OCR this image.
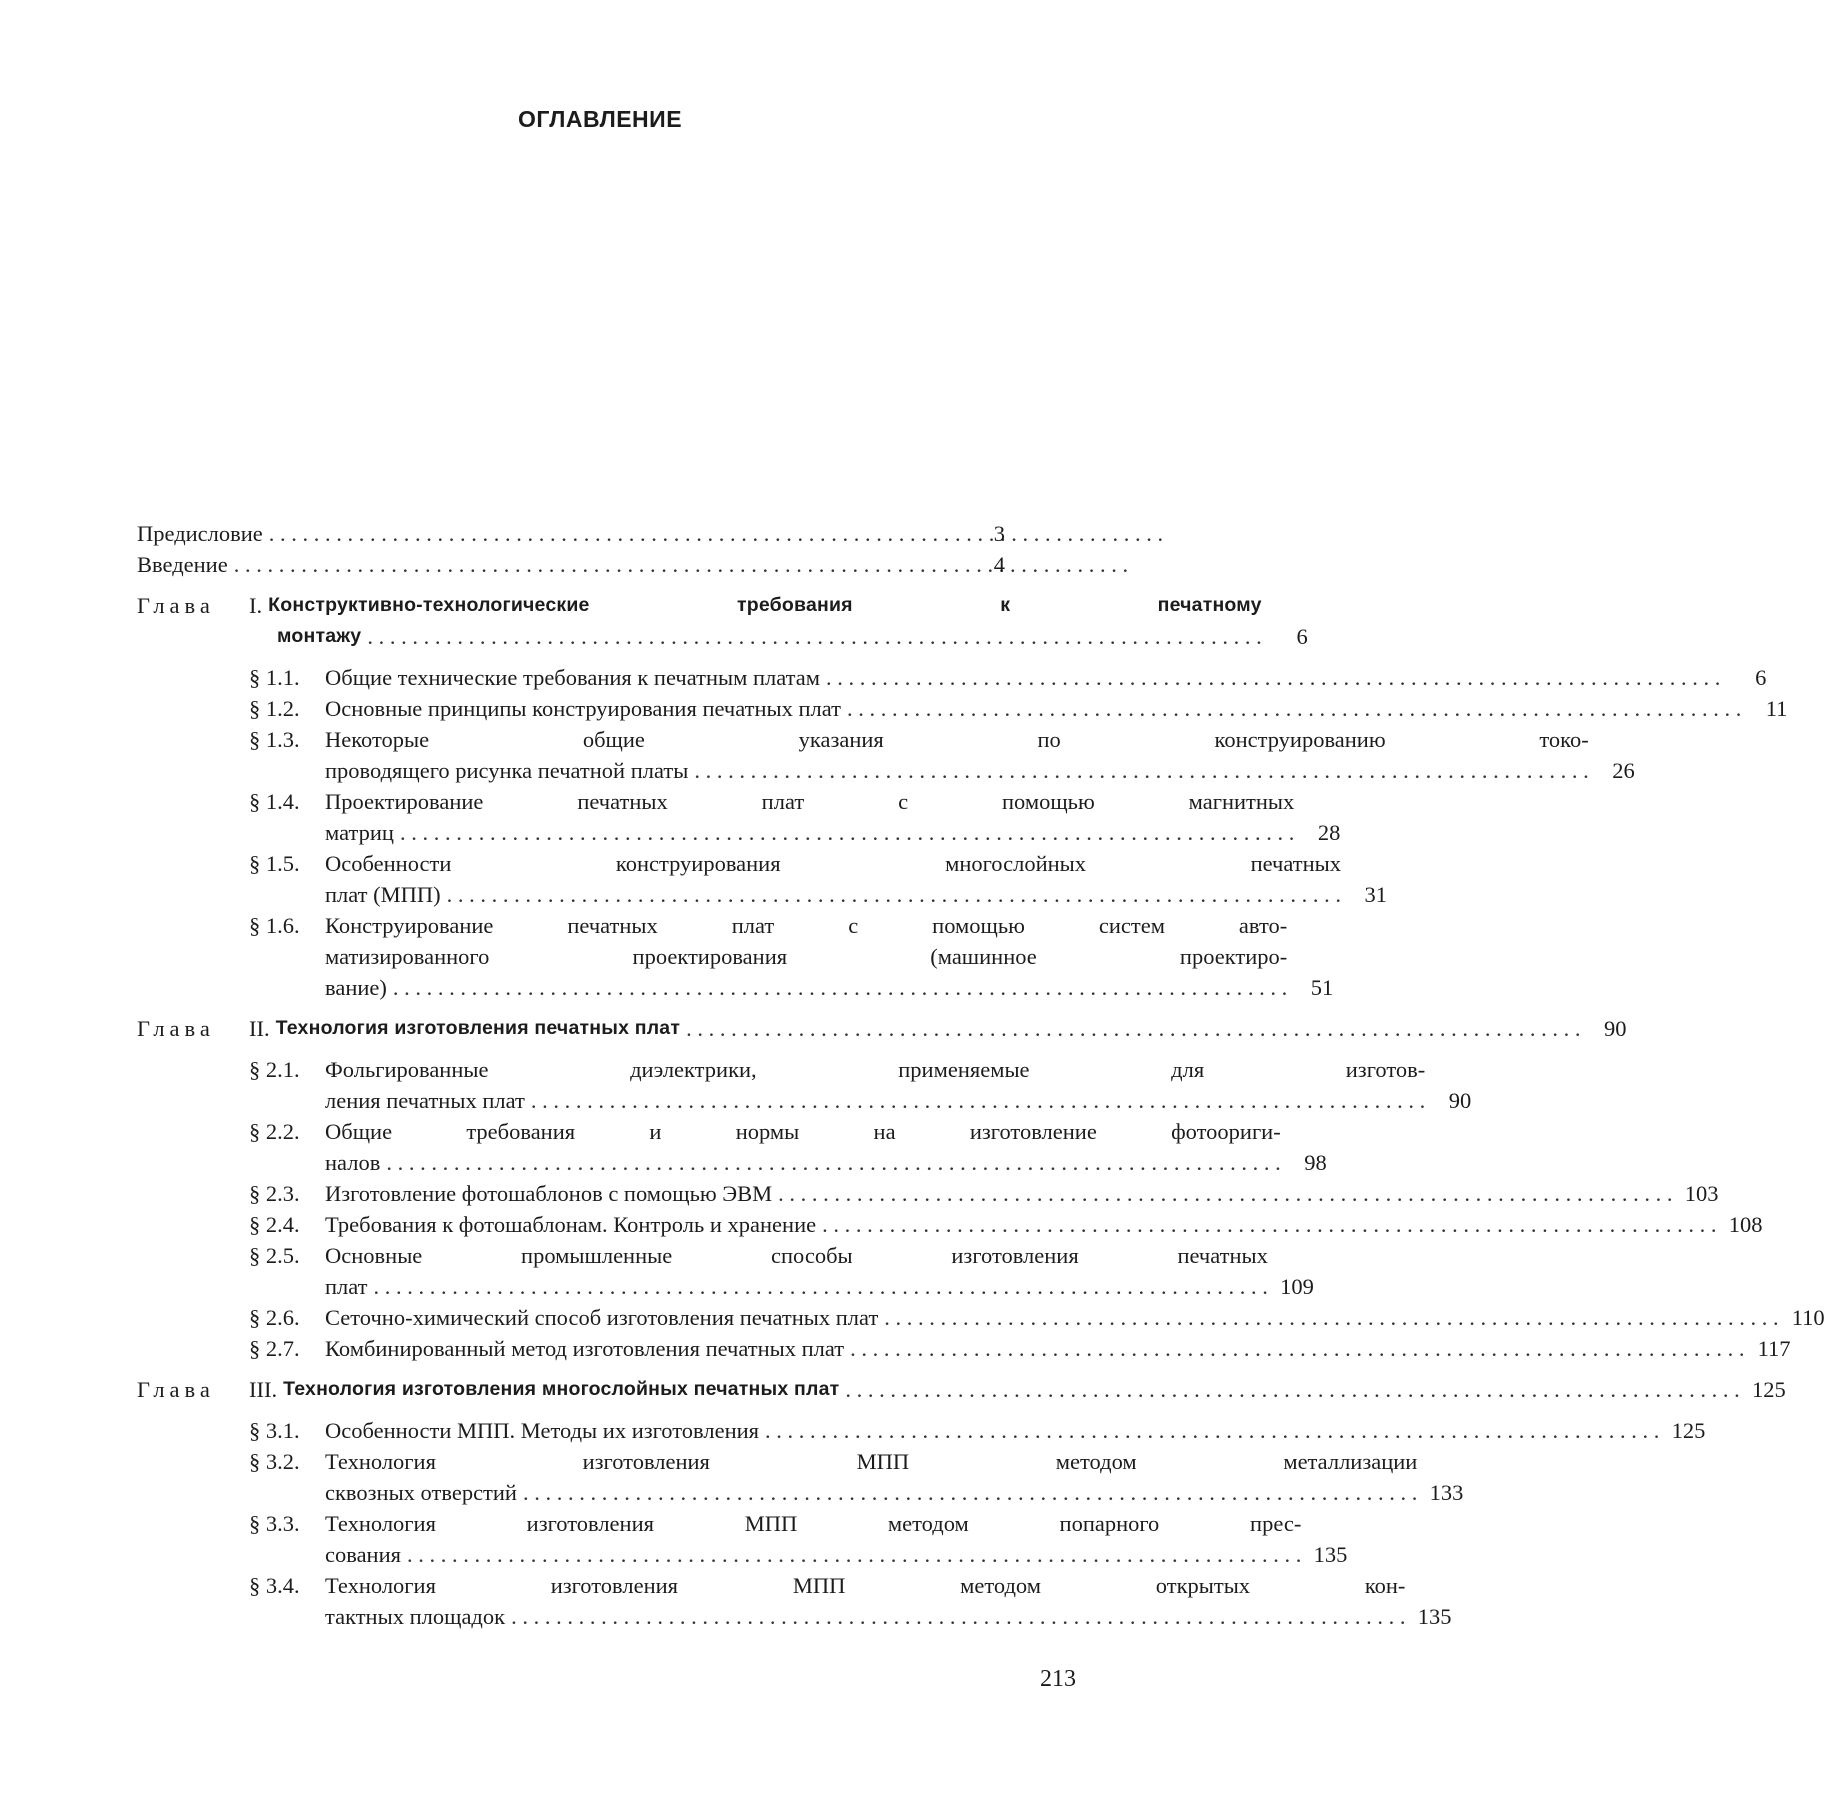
ОГЛАВЛЕНИЕ
Предисловие . . .	3
Введение . . .	4
Глава	I. Конструктивно-технологические требования к печатному
монтажу . . .	6
§ 1.1.	Общие технические требования к печатным платам . . .	6
§ 1.2.	Основные принципы конструирования печатных плат . . .	11
§ 1.3.	Некоторые общие указания по конструированию токо-
проводящего рисунка печатной платы . . .	26
§ 1.4.	Проектирование печатных плат с помощью магнитных
матриц . . .	28
§ 1.5.	Особенности конструирования многослойных печатных
плат (МПП) . . .	31
§ 1.6.	Конструирование печатных плат с помощью систем авто-
матизированного проектирования (машинное проектиро-
вание) . . .	51
Глава	II. Технология изготовления печатных плат . . .	90
§ 2.1.	Фольгированные диэлектрики, применяемые для изготов-
ления печатных плат . . .	90
§ 2.2.	Общие требования и нормы на изготовление фотоориги-
налов . . .	98
§ 2.3.	Изготовление фотошаблонов с помощью ЭВМ . . .	103
§ 2.4.	Требования к фотошаблонам. Контроль и хранение . . .	108
§ 2.5.	Основные промышленные способы изготовления печатных
плат . . .	109
§ 2.6.	Сеточно-химический способ изготовления печатных плат . . .	110
§ 2.7.	Комбинированный метод изготовления печатных плат . . .	117
Глава	III. Технология изготовления многослойных печатных плат . . .	125
§ 3.1.	Особенности МПП. Методы их изготовления . . .	125
§ 3.2.	Технология изготовления МПП методом металлизации
сквозных отверстий . . .	133
§ 3.3.	Технология изготовления МПП методом попарного прес-
сования . . .	135
§ 3.4.	Технология изготовления МПП методом открытых кон-
тактных площадок . . .	135
213
